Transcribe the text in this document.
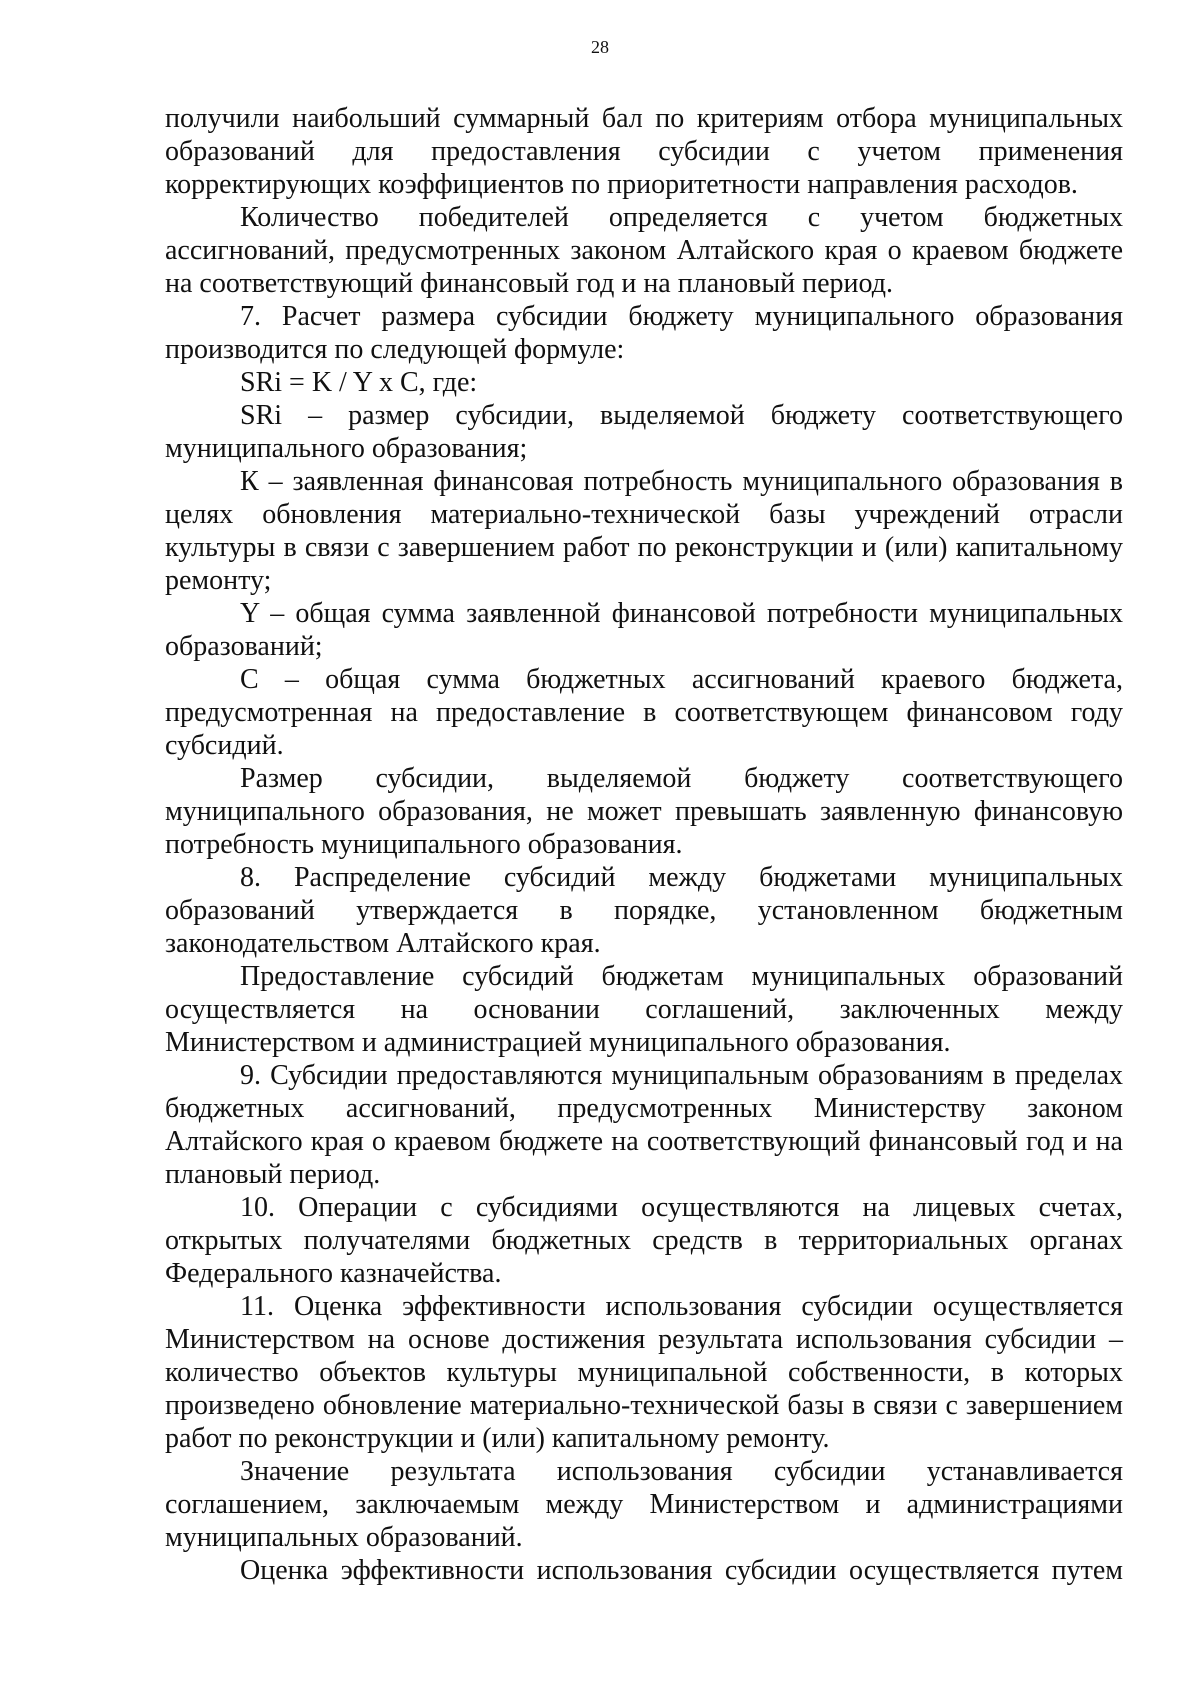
28

получили наибольший суммарный бал по критериям отбора муниципальных образований для предоставления субсидии с учетом применения корректирующих коэффициентов по приоритетности направления расходов.

Количество победителей определяется с учетом бюджетных ассигнований, предусмотренных законом Алтайского края о краевом бюджете на соответствующий финансовый год и на плановый период.

7. Расчет размера субсидии бюджету муниципального образования производится по следующей формуле:

SRi = K / Y x C, где:

SRi – размер субсидии, выделяемой бюджету соответствующего муниципального образования;

К – заявленная финансовая потребность муниципального образования в целях обновления материально-технической базы учреждений отрасли культуры в связи с завершением работ по реконструкции и (или) капитальному ремонту;

Y – общая сумма заявленной финансовой потребности муниципальных образований;

С – общая сумма бюджетных ассигнований краевого бюджета, предусмотренная на предоставление в соответствующем финансовом году субсидий.

Размер субсидии, выделяемой бюджету соответствующего муниципального образования, не может превышать заявленную финансовую потребность муниципального образования.

8. Распределение субсидий между бюджетами муниципальных образований утверждается в порядке, установленном бюджетным законодательством Алтайского края.

Предоставление субсидий бюджетам муниципальных образований осуществляется на основании соглашений, заключенных между Министерством и администрацией муниципального образования.

9. Субсидии предоставляются муниципальным образованиям в пределах бюджетных ассигнований, предусмотренных Министерству законом Алтайского края о краевом бюджете на соответствующий финансовый год и на плановый период.

10. Операции с субсидиями осуществляются на лицевых счетах, открытых получателями бюджетных средств в территориальных органах Федерального казначейства.

11. Оценка эффективности использования субсидии осуществляется Министерством на основе достижения результата использования субсидии – количество объектов культуры муниципальной собственности, в которых произведено обновление материально-технической базы в связи с завершением работ по реконструкции и (или) капитальному ремонту.

Значение результата использования субсидии устанавливается соглашением, заключаемым между Министерством и администрациями муниципальных образований.

Оценка эффективности использования субсидии осуществляется путем
